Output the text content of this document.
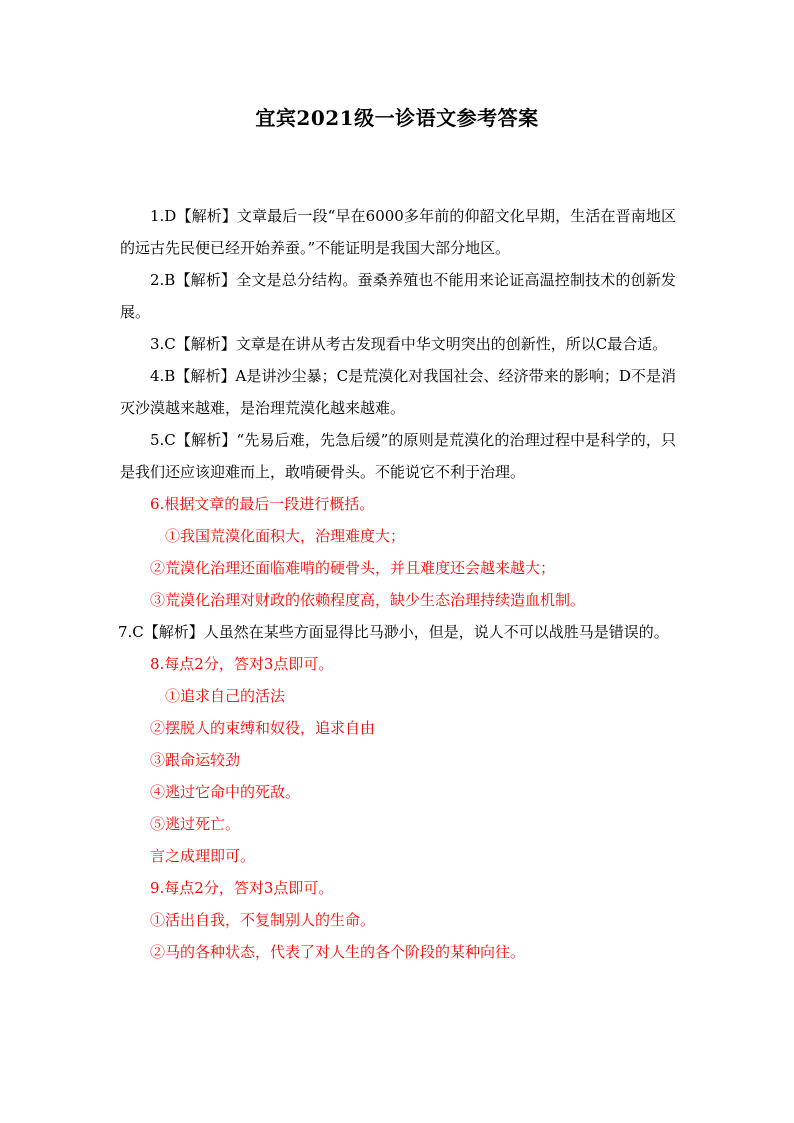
宜宾2021级一诊语文参考答案

1.D【解析】文章最后一段“早在6000多年前的仰韶文化早期，生活在晋南地区的远古先民便已经开始养蚕。”不能证明是我国大部分地区。

2.B【解析】全文是总分结构。蚕桑养殖也不能用来论证高温控制技术的创新发展。

3.C【解析】文章是在讲从考古发现看中华文明突出的创新性，所以C最合适。

4.B【解析】A是讲沙尘暴；C是荒漠化对我国社会、经济带来的影响；D不是消灭沙漠越来越难，是治理荒漠化越来越难。

5.C【解析】“先易后难，先急后缓”的原则是荒漠化的治理过程中是科学的，只是我们还应该迎难而上，敢啃硬骨头。不能说它不利于治理。

6.根据文章的最后一段进行概括。

①我国荒漠化面积大，治理难度大；

②荒漠化治理还面临难啃的硬骨头，并且难度还会越来越大；

③荒漠化治理对财政的依赖程度高，缺少生态治理持续造血机制。

7.C【解析】人虽然在某些方面显得比马渺小，但是，说人不可以战胜马是错误的。

8.每点2分，答对3点即可。

①追求自己的活法

②摆脱人的束缚和奴役，追求自由

③跟命运较劲

④逃过它命中的死敌。

⑤逃过死亡。

言之成理即可。

9.每点2分，答对3点即可。

①活出自我，不复制别人的生命。

②马的各种状态，代表了对人生的各个阶段的某种向往。
